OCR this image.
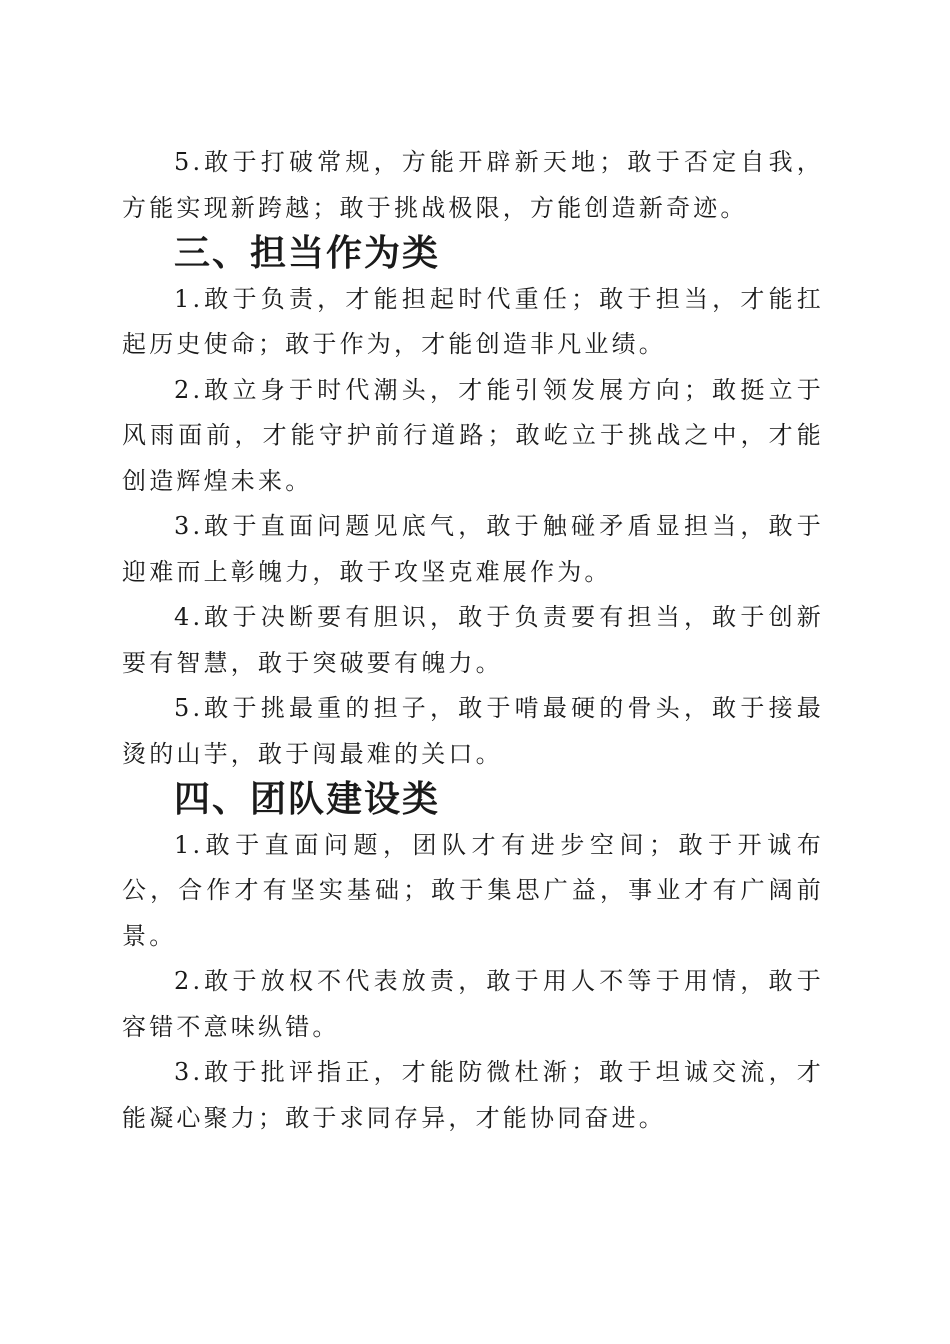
5.敢于打破常规，方能开辟新天地；敢于否定自我，方能实现新跨越；敢于挑战极限，方能创造新奇迹。

三、担当作为类

1.敢于负责，才能担起时代重任；敢于担当，才能扛起历史使命；敢于作为，才能创造非凡业绩。

2.敢立身于时代潮头，才能引领发展方向；敢挺立于风雨面前，才能守护前行道路；敢屹立于挑战之中，才能创造辉煌未来。

3.敢于直面问题见底气，敢于触碰矛盾显担当，敢于迎难而上彰魄力，敢于攻坚克难展作为。

4.敢于决断要有胆识，敢于负责要有担当，敢于创新要有智慧，敢于突破要有魄力。

5.敢于挑最重的担子，敢于啃最硬的骨头，敢于接最烫的山芋，敢于闯最难的关口。

四、团队建设类

1.敢于直面问题，团队才有进步空间；敢于开诚布公，合作才有坚实基础；敢于集思广益，事业才有广阔前景。

2.敢于放权不代表放责，敢于用人不等于用情，敢于容错不意味纵错。

3.敢于批评指正，才能防微杜渐；敢于坦诚交流，才能凝心聚力；敢于求同存异，才能协同奋进。
